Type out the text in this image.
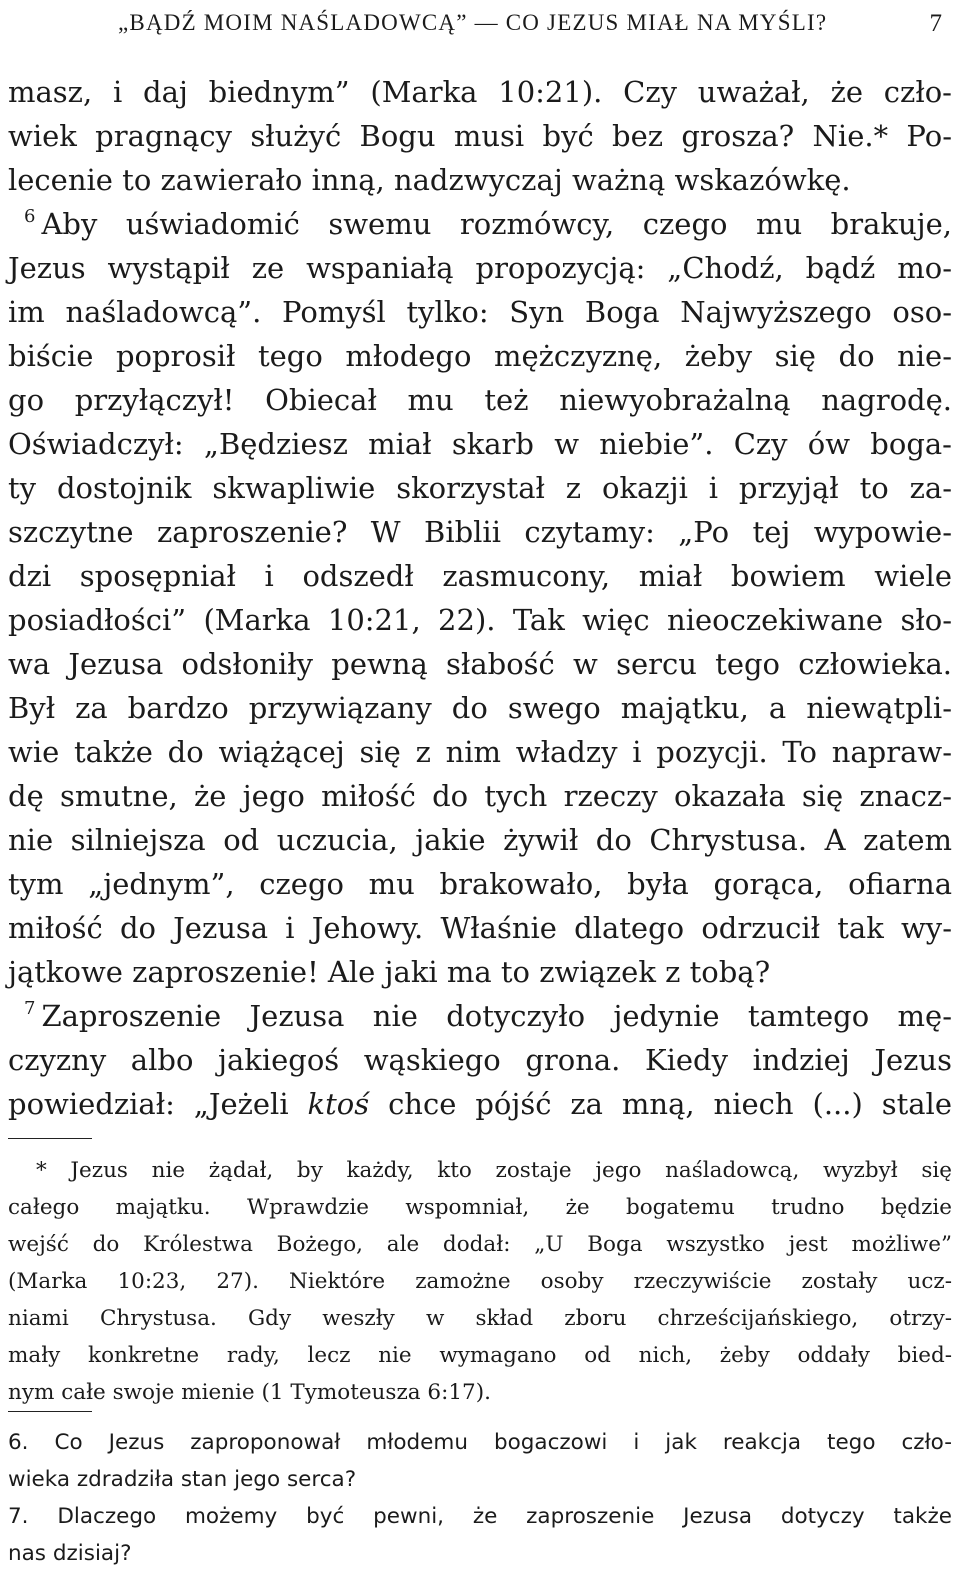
„BĄDŹ MOIM NAŚLADOWCĄ” — CO JEZUS MIAŁ NA MYŚLI?	7
masz, i daj biednym” (Marka 10:21). Czy uważał, że czło-
wiek pragnący służyć Bogu musi być bez grosza? Nie.* Po-
lecenie to zawierało inną, nadzwyczaj ważną wskazówkę.
$^6$ Aby uświadomić swemu rozmówcy, czego mu brakuje,
Jezus wystąpił ze wspaniałą propozycją: „Chodź, bądź mo-
im naśladowcą”. Pomyśl tylko: Syn Boga Najwyższego oso-
biście poprosił tego młodego mężczyznę, żeby się do nie-
go przyłączył! Obiecał mu też niewyobrażalną nagrodę.
Oświadczył: „Będziesz miał skarb w niebie”. Czy ów boga-
ty dostojnik skwapliwie skorzystał z okazji i przyjął to za-
szczytne zaproszenie? W Biblii czytamy: „Po tej wypowie-
dzi sposępniał i odszedł zasmucony, miał bowiem wiele
posiadłości” (Marka 10:21, 22). Tak więc nieoczekiwane sło-
wa Jezusa odsłoniły pewną słabość w sercu tego człowieka.
Był za bardzo przywiązany do swego majątku, a niewątpli-
wie także do wiążącej się z nim władzy i pozycji. To napraw-
dę smutne, że jego miłość do tych rzeczy okazała się znacz-
nie silniejsza od uczucia, jakie żywił do Chrystusa. A zatem
tym „jednym”, czego mu brakowało, była gorąca, ofiarna
miłość do Jezusa i Jehowy. Właśnie dlatego odrzucił tak wy-
jątkowe zaproszenie! Ale jaki ma to związek z tobą?
$^7$ Zaproszenie Jezusa nie dotyczyło jedynie tamtego mę-
czyzny albo jakiegoś wąskiego grona. Kiedy indziej Jezus
powiedział: „Jeżeli ktoś chce pójść za mną, niech (...) stale
* Jezus nie żądał, by każdy, kto zostaje jego naśladowcą, wyzbył się
całego majątku. Wprawdzie wspomniał, że bogatemu trudno będzie
wejść do Królestwa Bożego, ale dodał: „U Boga wszystko jest możliwe”
(Marka 10:23, 27). Niektóre zamożne osoby rzeczywiście zostały ucz-
niami Chrystusa. Gdy weszły w skład zboru chrześcijańskiego, otrzy-
mały konkretne rady, lecz nie wymagano od nich, żeby oddały bied-
nym całe swoje mienie (1 Tymoteusza 6:17).
6. Co Jezus zaproponował młodemu bogaczowi i jak reakcja tego czło-
wieka zdradziła stan jego serca?
7. Dlaczego możemy być pewni, że zaproszenie Jezusa dotyczy także
nas dzisiaj?
